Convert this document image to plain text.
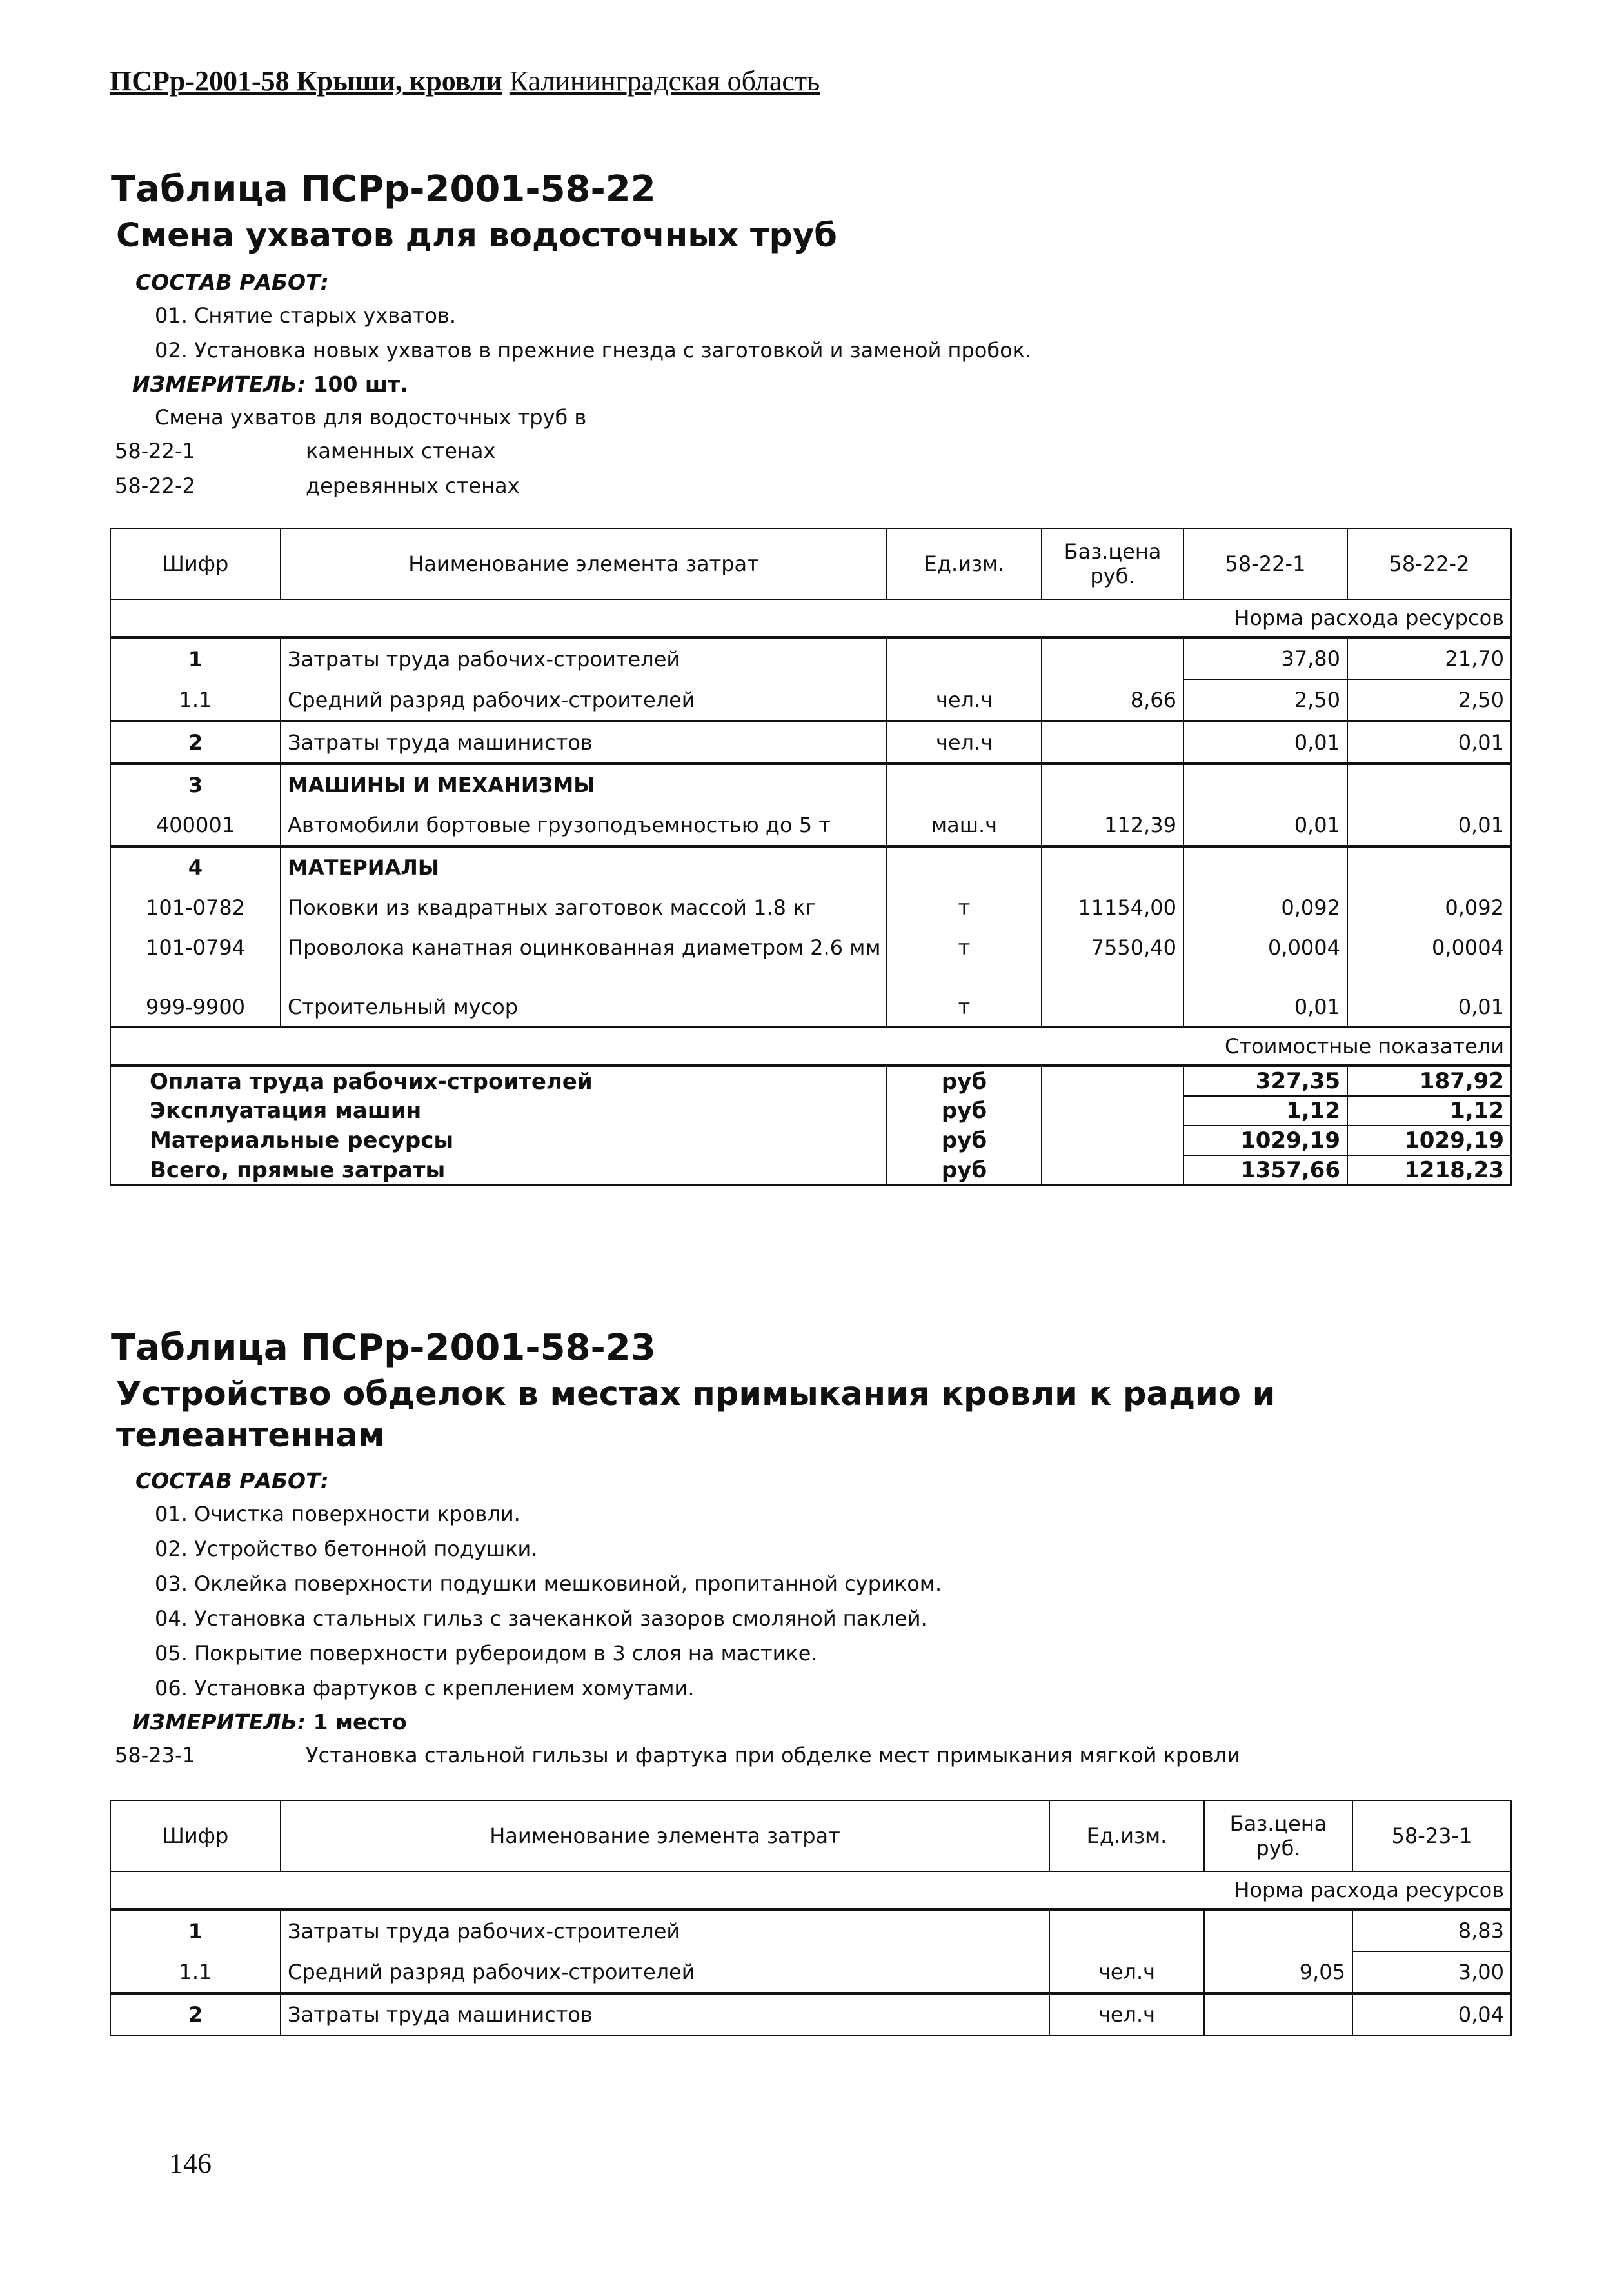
ПСРр-2001-58 Крыши, кровли Калининградская область
Таблица ПСРр-2001-58-22
Смена ухватов для водосточных труб
СОСТАВ РАБОТ:
01. Снятие старых ухватов.
02. Установка новых ухватов в прежние гнезда с заготовкой и заменой пробок.
ИЗМЕРИТЕЛЬ: 100 шт.
Смена ухватов для водосточных труб в
58-22-1	каменных стенах
58-22-2	деревянных стенах
Шифр	Наименование элемента затрат	Ед.изм.	Баз.цена руб.	58-22-1	58-22-2
Норма расхода ресурсов					
1	Затраты труда рабочих-строителей			37,80	21,70
1.1	Средний разряд рабочих-строителей	чел.ч	8,66	2,50	2,50
2	Затраты труда машинистов	чел.ч		0,01	0,01
3	МАШИНЫ И МЕХАНИЗМЫ				
400001	Автомобили бортовые грузоподъемностью до 5 т	маш.ч	112,39	0,01	0,01
4	МАТЕРИАЛЫ				
101-0782	Поковки из квадратных заготовок массой 1.8 кг	т	11154,00	0,092	0,092
101-0794	Проволока канатная оцинкованная диаметром 2.6 мм	т	7550,40	0,0004	0,0004
999-9900	Строительный мусор	т		0,01	0,01
Стоимостные показатели					
Оплата труда рабочих-строителей		руб		327,35	187,92
Эксплуатация машин		руб		1,12	1,12
Материальные ресурсы		руб		1029,19	1029,19
Всего, прямые затраты		руб		1357,66	1218,23
Таблица ПСРр-2001-58-23
Устройство обделок в местах примыкания кровли к радио и телеантеннам
СОСТАВ РАБОТ:
01. Очистка поверхности кровли.
02. Устройство бетонной подушки.
03. Оклейка поверхности подушки мешковиной, пропитанной суриком.
04. Установка стальных гильз с зачеканкой зазоров смоляной паклей.
05. Покрытие поверхности рубероидом в 3 слоя на мастике.
06. Установка фартуков с креплением хомутами.
ИЗМЕРИТЕЛЬ: 1 место
58-23-1	Установка стальной гильзы и фартука при обделке мест примыкания мягкой кровли
Шифр	Наименование элемента затрат	Ед.изм.	Баз.цена руб.	58-23-1
Норма расхода ресурсов				
1	Затраты труда рабочих-строителей			8,83
1.1	Средний разряд рабочих-строителей	чел.ч	9,05	3,00
2	Затраты труда машинистов	чел.ч		0,04
146
